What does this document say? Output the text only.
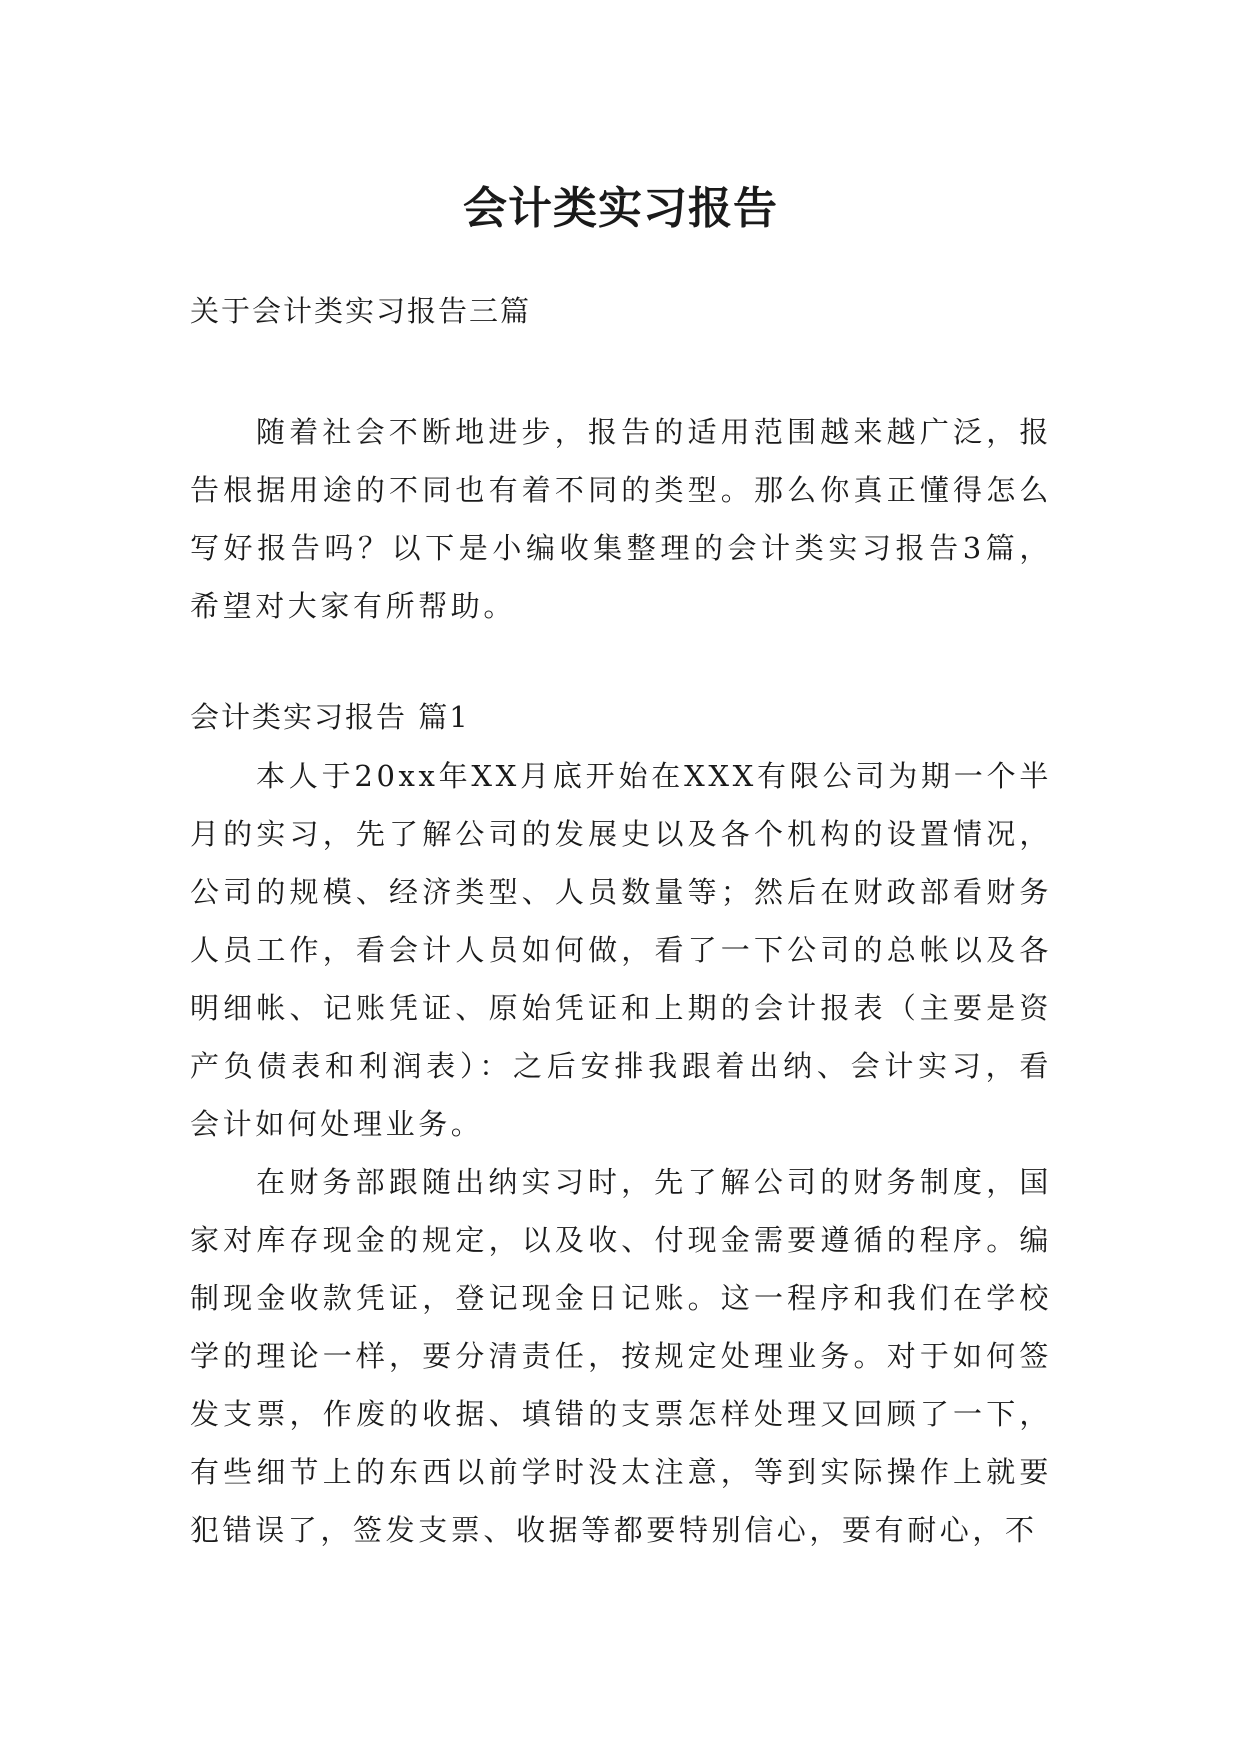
会计类实习报告
关于会计类实习报告三篇

随着社会不断地进步，报告的适用范围越来越广泛，报告根据用途的不同也有着不同的类型。那么你真正懂得怎么写好报告吗？以下是小编收集整理的会计类实习报告3篇，希望对大家有所帮助。

会计类实习报告 篇1

本人于20xx年XX月底开始在XXX有限公司为期一个半月的实习，先了解公司的发展史以及各个机构的设置情况，公司的规模、经济类型、人员数量等；然后在财政部看财务人员工作，看会计人员如何做，看了一下公司的总帐以及各明细帐、记账凭证、原始凭证和上期的会计报表（主要是资产负债表和利润表）：之后安排我跟着出纳、会计实习，看会计如何处理业务。

在财务部跟随出纳实习时，先了解公司的财务制度，国家对库存现金的规定，以及收、付现金需要遵循的程序。编制现金收款凭证，登记现金日记账。这一程序和我们在学校学的理论一样，要分清责任，按规定处理业务。对于如何签发支票，作废的收据、填错的支票怎样处理又回顾了一下，有些细节上的东西以前学时没太注意，等到实际操作上就要犯错误了，签发支票、收据等都要特别信心，要有耐心，不
